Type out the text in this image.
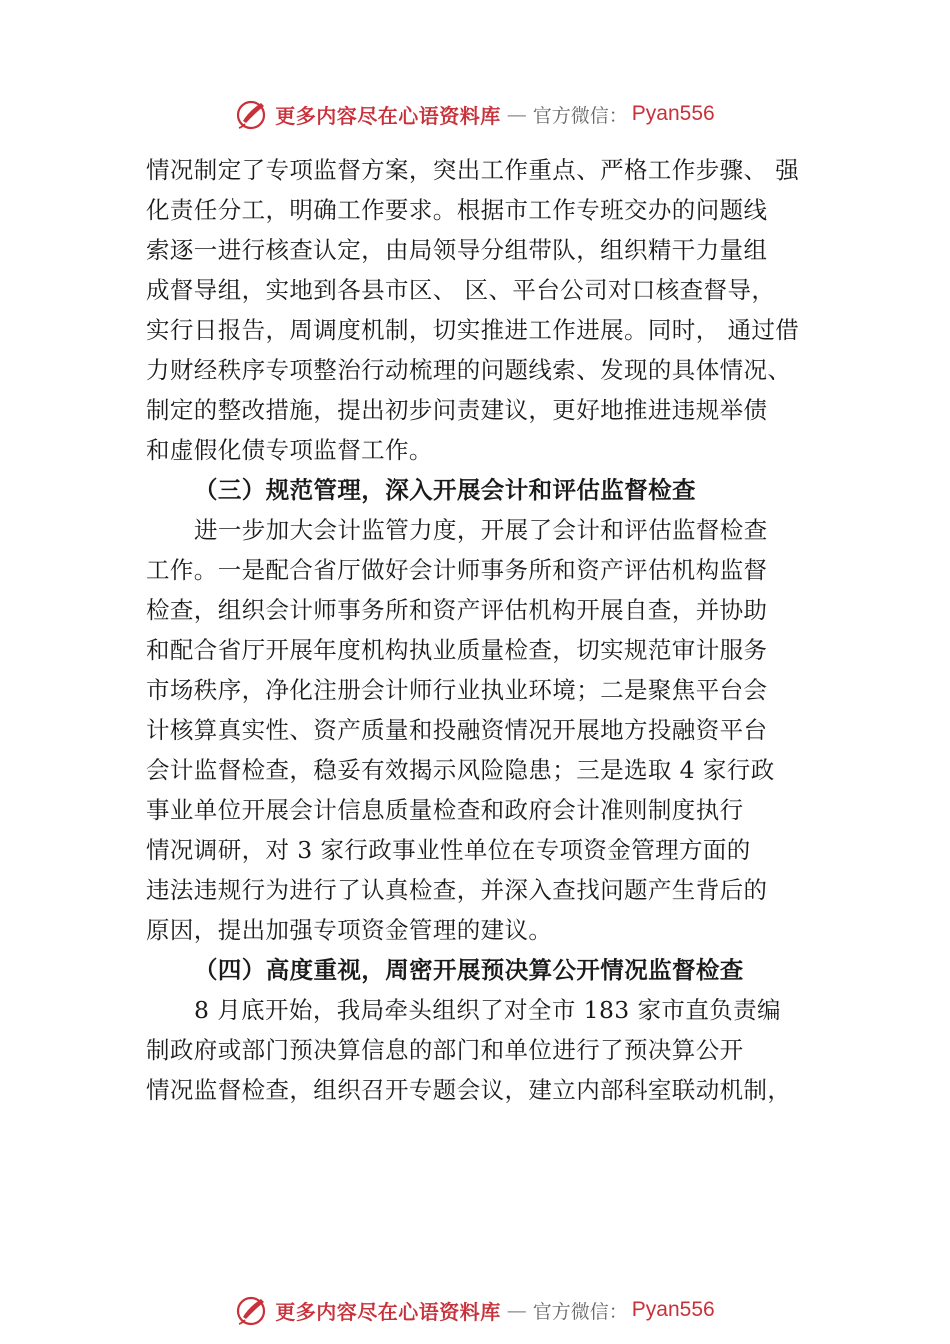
更多内容尽在心语资料库 — 官方微信： Pyan556
情况制定了专项监督方案，突出工作重点、严格工作步骤、 强
化责任分工，明确工作要求。根据市工作专班交办的问题线
索逐一进行核查认定，由局领导分组带队，组织精干力量组
成督导组，实地到各县市区、 区、平台公司对口核查督导，
实行日报告，周调度机制，切实推进工作进展。同时， 通过借
力财经秩序专项整治行动梳理的问题线索、发现的具体情况、
制定的整改措施，提出初步问责建议，更好地推进违规举债
和虚假化债专项监督工作。
（三）规范管理，深入开展会计和评估监督检查
进一步加大会计监管力度，开展了会计和评估监督检查
工作。一是配合省厅做好会计师事务所和资产评估机构监督
检查，组织会计师事务所和资产评估机构开展自查，并协助
和配合省厅开展年度机构执业质量检查，切实规范审计服务
市场秩序，净化注册会计师行业执业环境；二是聚焦平台会
计核算真实性、资产质量和投融资情况开展地方投融资平台
会计监督检查，稳妥有效揭示风险隐患；三是选取 4 家行政
事业单位开展会计信息质量检查和政府会计准则制度执行
情况调研，对 3 家行政事业性单位在专项资金管理方面的
违法违规行为进行了认真检查，并深入查找问题产生背后的
原因，提出加强专项资金管理的建议。
（四）高度重视，周密开展预决算公开情况监督检查
8 月底开始，我局牵头组织了对全市 183 家市直负责编
制政府或部门预决算信息的部门和单位进行了预决算公开
情况监督检查，组织召开专题会议，建立内部科室联动机制，
更多内容尽在心语资料库 — 官方微信： Pyan556
